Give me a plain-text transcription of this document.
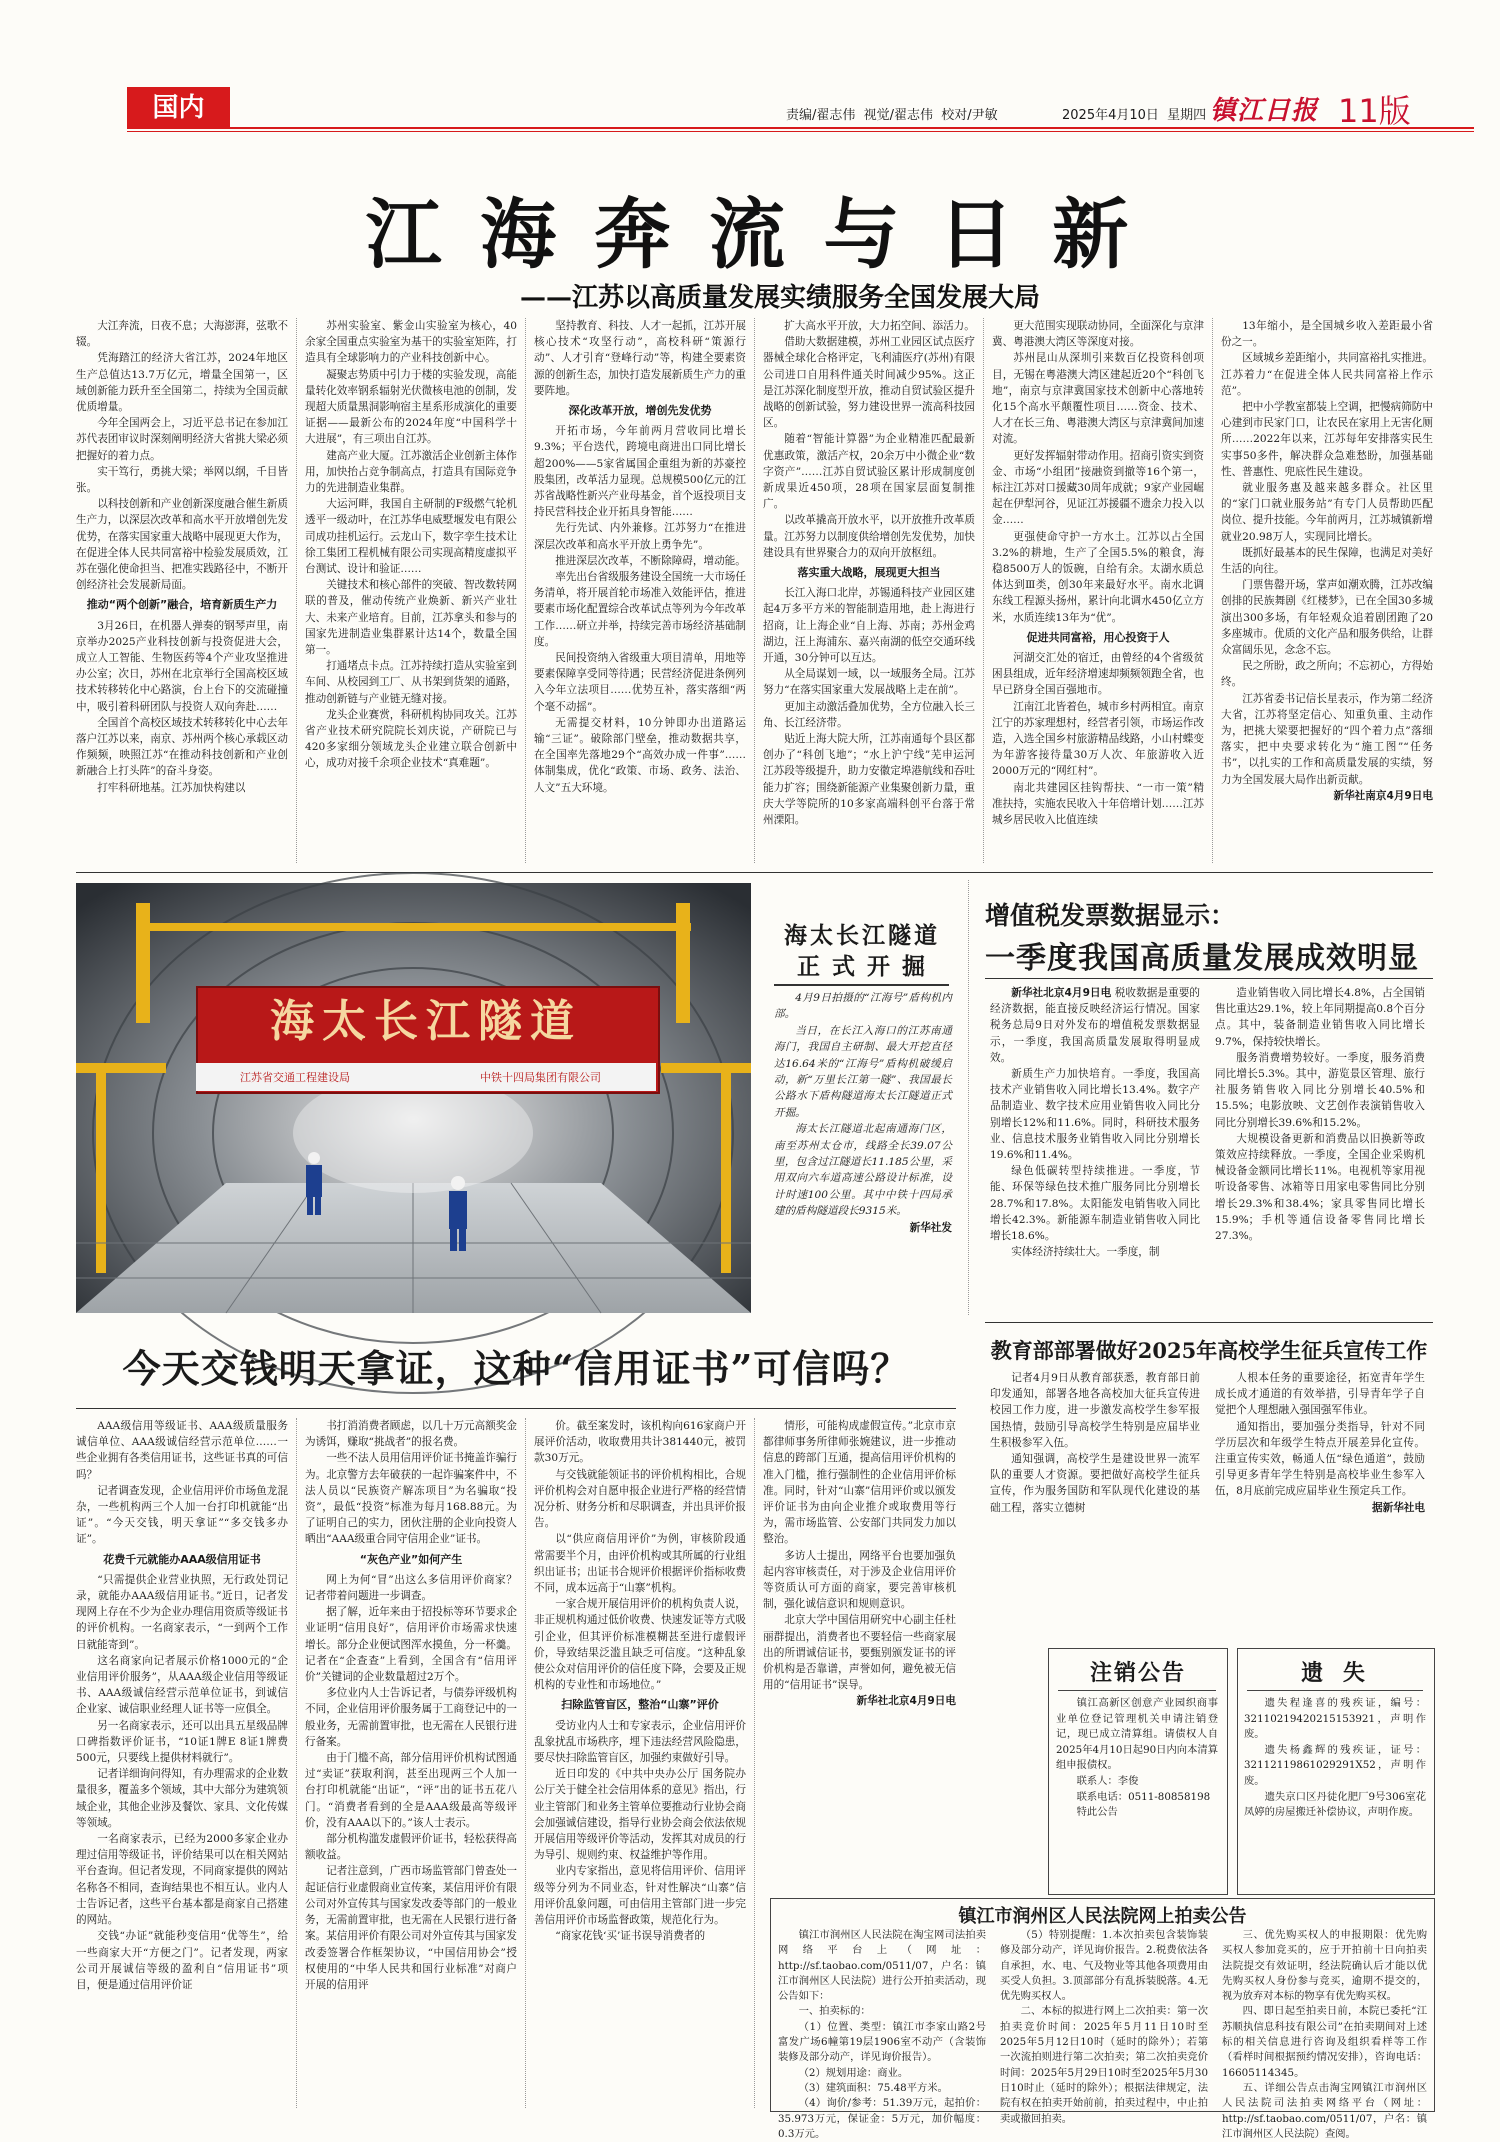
国内	责编/翟志伟  视觉/翟志伟  校对/尹敏	2025年4月10日  星期四 镇江日报 11版
江 海 奔 流 与 日 新
——江苏以高质量发展实绩服务全国发展大局

大江奔流，日夜不息；大海澎湃，弦歌不辍。

凭海踏江的经济大省江苏，2024年地区生产总值达13.7万亿元，增量全国第一，区域创新能力跃升至全国第二，持续为全国贡献优质增量。

今年全国两会上，习近平总书记在参加江苏代表团审议时深刻阐明经济大省挑大梁必须把握好的着力点。

实干笃行，勇挑大梁；举网以纲，千目皆张。

以科技创新和产业创新深度融合催生新质生产力，以深层次改革和高水平开放增创先发优势，在落实国家重大战略中展现更大作为，在促进全体人民共同富裕中检验发展质效，江苏在强化使命担当、把准实践路径中，不断开创经济社会发展新局面。

推动“两个创新”融合，培育新质生产力

3月26日，在机器人弹奏的钢琴声里，南京举办2025产业科技创新与投资促进大会，成立人工智能、生物医药等4个产业攻坚推进办公室；次日，苏州在北京举行全国高校区域技术转移转化中心路演，台上台下的交流碰撞中，吸引着科研团队与投资人双向奔赴……

全国首个高校区域技术转移转化中心去年落户江苏以来，南京、苏州两个核心承载区动作频频，映照江苏“在推动科技创新和产业创新融合上打头阵”的奋斗身姿。

打牢科研地基。江苏加快构建以

苏州实验室、紫金山实验室为核心，40余家全国重点实验室为基干的实验室矩阵，打造具有全球影响力的产业科技创新中心。

凝聚志势质中引力于楼的实验发现，高能量转化效率钢系辐射光伏微核电池的创制，发现超大质量黑洞影响宿主星系形成演化的重要证据——最新公布的2024年度“中国科学十大进展”，有三项出自江苏。

建高产业大厦。江苏激活企业创新主体作用，加快抬占竞争制高点，打造具有国际竞争力的先进制造业集群。

大运河畔，我国自主研制的F级燃气轮机透平一级动叶，在江苏华电威墅堰发电有限公司成功挂机运行。云龙山下，数字孪生技术让徐工集团工程机械有限公司实现高精度虚拟平台测试、设计和验证……

关键技术和核心部件的突破、智改数转网联的普及，催动传统产业焕新、新兴产业壮大、未来产业培育。目前，江苏拿头和参与的国家先进制造业集群累计达14个，数量全国第一。

打通堵点卡点。江苏持续打造从实验室到车间、从校园到工厂、从书架到货架的通路，推动创新链与产业链无缝对接。

龙头企业赛赏，科研机构协同攻关。江苏省产业技术研究院院长刘庆说，产研院已与420多家细分领域龙头企业建立联合创新中心，成功对接千余项企业技术“真难题”。

坚持教育、科技、人才一起抓，江苏开展核心技术“攻坚行动”，高校科研“策源行动”、人才引育“登峰行动”等，构建全要素资源的创新生态，加快打造发展新质生产力的重要阵地。

深化改革开放，增创先发优势

开拓市场，今年前两月营收同比增长9.3%；平台迭代，跨境电商进出口同比增长超200%——5家省属国企重组为新的苏豪控股集团，改革活力显现。总规模500亿元的江苏省战略性新兴产业母基金，首个返投项目支持民营科技企业开拓具身智能……

先行先试、内外兼修。江苏努力“在推进深层次改革和高水平开放上勇争先”。

推进深层次改革，不断除障碍，增动能。

率先出台省级服务建设全国统一大市场任务清单，将开展首轮市场准入效能评估，推进要素市场化配置综合改革试点等列为今年改革工作……研立并举，持续完善市场经济基础制度。

民间投资纳入省级重大项目清单，用地等要素保障享受同等待遇；民营经济促进条例列入今年立法项目……优势互补，落实落细“两个毫不动摇”。

无需提交材料，10分钟即办出道路运输“三证”。破除部门壁垒，推动数据共享，在全国率先落地29个“高效办成一件事”……体制集成，优化“政策、市场、政务、法治、人文”五大环境。

扩大高水平开放，大力拓空间、添活力。

借助大数据建模，苏州工业园区试点医疗器械全球化合格评定，飞利浦医疗(苏州)有限公司进口自用科件通关时间减少95%。这正是江苏深化制度型开放，推动自贸试验区提升战略的创新试验，努力建设世界一流高科技园区。

随着“智能计算器”为企业精准匹配最新优惠政策，激活产权，20余万中小微企业“数字资产”……江苏自贸试验区累计形成制度创新成果近450项，28项在国家层面复制推广。

以改革撬高开放水平，以开放推升改革质量。江苏努力以制度供给增创先发优势，加快建设具有世界聚合力的双向开放枢纽。

落实重大战略，展现更大担当

长江入海口北岸，苏锡通科技产业园区建起4万多平方米的智能制造用地，赴上海进行招商，让上海企业“自上海、苏南；苏州金鸡湖边，汪上海浦东、嘉兴南湖的低空交通环线开通，30分钟可以互达。

从全局谋划一域，以一域服务全局。江苏努力“在落实国家重大发展战略上走在前”。

更加主动激活叠加优势，全方位融入长三角、长江经济带。

贴近上海大院大所，江苏南通每个县区都创办了“科创飞地”；“水上沪宁线”芜申运河江苏段等级提升，助力安徽定埠港航线和吞吐能力扩容；围绕新能源产业集聚创新力量，重庆大学等院所的10多家高端科创平台落于常州溧阳。

更大范围实现联动协同，全面深化与京津冀、粤港澳大湾区等深度对接。

苏州昆山从深圳引来数百亿投资科创项目，无锡在粤港澳大湾区建起近20个“科创飞地”，南京与京津冀国家技术创新中心落地转化15个高水平颠覆性项目……资金、技术、人才在长三角、粤港澳大湾区与京津冀间加速对流。

更好发挥辐射带动作用。招商引资实到资金、市场“小组团”接融资到撤等16个第一，标注江苏对口援藏30周年成就；9家产业园崛起在伊犁河谷，见证江苏援疆不遗余力投入以金……

更强使命守护一方水土。江苏以占全国3.2%的耕地，生产了全国5.5%的粮食，海稳8500万人的饭碗，自给有余。太湖水质总体达到Ⅲ类，创30年来最好水平。南水北调东线工程源头扬州，累计向北调水450亿立方米，水质连续13年为“优”。

促进共同富裕，用心投资于人

河湖交汇处的宿迁，由曾经的4个省级贫困县组成，近年经济增速却频频领跑全省，也早已跻身全国百强地市。

江南江北皆着色，城市乡村两相宜。南京江宁的苏家理想村，经营者引领，市场运作改造，入选全国乡村旅游精品线路，小山村蝶变为年游客接待量30万人次、年旅游收入近2000万元的“网红村”。

南北共建园区挂钩帮扶、“一市一策”精准扶持，实施农民收入十年倍增计划……江苏城乡居民收入比值连续

13年缩小，是全国城乡收入差距最小省份之一。

区域城乡差距缩小，共同富裕扎实推进。江苏着力“在促进全体人民共同富裕上作示范”。

把中小学教室都装上空调，把慢病筛防中心建到市民家门口，让农民在家用上无害化厕所……2022年以来，江苏每年安排落实民生实事50多件，解决群众急难愁盼，加强基础性、普惠性、兜底性民生建设。

就业服务惠及越来越多群众。社区里的“家门口就业服务站”有专门人员帮助匹配岗位、提升技能。今年前两月，江苏城镇新增就业20.98万人，实现同比增长。

既抓好最基本的民生保障，也满足对美好生活的向往。

门票售罄开场，掌声如潮欢腾，江苏改编创排的民族舞剧《红楼梦》，已在全国30多城演出300多场，有年轻观众追着剧团跑了20多座城市。优质的文化产品和服务供给，让群众富阔乐见，念念不忘。

民之所盼，政之所向；不忘初心，方得始终。

江苏省委书记信长星表示，作为第二经济大省，江苏将坚定信心、知重负重、主动作为，把挑大梁要把握好的“四个着力点”落细落实，把中央要求转化为“施工图”“任务书”，以扎实的工作和高质量发展的实绩，努力为全国发展大局作出新贡献。

新华社南京4月9日电

海太长江隧道
江苏省交通工程建设局	中铁十四局集团有限公司
海太长江隧道
正 式 开 掘

4月9日拍摄的“江海号”盾构机内部。

当日，在长江入海口的江苏南通海门，我国自主研制、最大开挖直径达16.64米的“江海号”盾构机破缓启动，新“万里长江第一隧”、我国最长公路水下盾构隧道海太长江隧道正式开掘。

海太长江隧道北起南通海门区，南至苏州太仓市，线路全长39.07公里，包含过江隧道长11.185公里，采用双向六车道高速公路设计标准，设计时速100公里。其中中铁十四局承建的盾构隧道段长9315米。

新华社发

增值税发票数据显示：
一季度我国高质量发展成效明显

新华社北京4月9日电 税收数据是重要的经济数据，能直接反映经济运行情况。国家税务总局9日对外发布的增值税发票数据显示，一季度，我国高质量发展取得明显成效。

新质生产力加快培育。一季度，我国高技术产业销售收入同比增长13.4%。数字产品制造业、数字技术应用业销售收入同比分别增长12%和11.6%。同时，科研技术服务业、信息技术服务业销售收入同比分别增长19.6%和11.4%。

绿色低碳转型持续推进。一季度，节能、环保等绿色技术推广服务同比分别增长28.7%和17.8%。太阳能发电销售收入同比增长42.3%。新能源车制造业销售收入同比增长18.6%。

实体经济持续壮大。一季度，制

造业销售收入同比增长4.8%，占全国销售比重达29.1%，较上年同期提高0.8个百分点。其中，装备制造业销售收入同比增长9.7%，保持较快增长。

服务消费增势较好。一季度，服务消费同比增长5.3%。其中，游览景区管理、旅行社服务销售收入同比分别增长40.5%和15.5%；电影放映、文艺创作表演销售收入同比分别增长39.6%和15.2%。

大规模设备更新和消费品以旧换新等政策效应持续释放。一季度，全国企业采购机械设备金额同比增长11%。电视机等家用视听设备零售、冰箱等日用家电零售同比分别增长29.3%和38.4%；家具零售同比增长15.9%；手机等通信设备零售同比增长27.3%。

教育部部署做好2025年高校学生征兵宣传工作

记者4月9日从教育部获悉，教育部日前印发通知，部署各地各高校加大征兵宣传进校园工作力度，进一步激发高校学生参军报国热情，鼓励引导高校学生特别是应届毕业生积极参军入伍。

通知强调，高校学生是建设世界一流军队的重要人才资源。要把做好高校学生征兵宣传，作为服务国防和军队现代化建设的基础工程，落实立德树

人根本任务的重要途径，拓宽青年学生成长成才通道的有效举措，引导青年学子自觉把个人理想融入强国强军伟业。

通知指出，要加强分类指导，针对不同学历层次和年级学生特点开展差异化宣传。注重宣传实效，畅通人伍“绿色通道”，鼓励引导更多青年学生特别是高校毕业生参军入伍，8月底前完成应届毕业生预定兵工作。

据新华社电

今天交钱明天拿证，这种“信用证书”可信吗？

AAA级信用等级证书、AAA级质量服务诚信单位、AAA级诚信经营示范单位……一些企业拥有各类信用证书，这些证书真的可信吗？

记者调查发现，企业信用评价市场鱼龙混杂，一些机构两三个人加一台打印机就能“出证”。“今天交钱，明天拿证”“多交钱多办证”。

花费千元就能办AAA级信用证书

“只需提供企业营业执照，无行政处罚记录，就能办AAA级信用证书。”近日，记者发现网上存在不少为企业办理信用资质等级证书的评价机构。一名商家表示，“一到两个工作日就能寄到”。

这名商家向记者展示价格1000元的“企业信用评价服务”，从AAA级企业信用等级证书、AAA级诚信经营示范单位证书，到诚信企业家、诚信职业经理人证书等一应俱全。

另一名商家表示，还可以出具五星级品牌口碑指数评价证书，“10证1牌E 8证1牌费500元，只要线上提供材料就行”。

记者详细询问得知，有办理需求的企业数量很多，覆盖多个领域，其中大部分为建筑领域企业，其他企业涉及餐饮、家具、文化传媒等领域。

一名商家表示，已经为2000多家企业办理过信用等级证书，评价结果可以在相关网站平台查询。但记者发现，不同商家提供的网站名称各不相同，查询结果也不相互认。业内人士告诉记者，这些平台基本都是商家自己搭建的网站。

交钱“办证”就能秒变信用“优等生”，给一些商家大开“方便之门”。记者发现，两家公司开展诚信等级的盈利自“信用证书”项目，便是通过信用评价证

书打消消费者顾虑，以几十万元高额奖金为诱饵，赚取“挑战者”的报名费。

一些不法人员用信用评价证书掩盖诈骗行为。北京警方去年破获的一起诈骗案件中，不法人员以“民族资产解冻项目”为名骗取“投资”，最低“投资”标准为每月168.88元。为了证明自己的实力，团伙注册的企业向投资人晒出“AAA级重合同守信用企业”证书。

“灰色产业”如何产生

网上为何“冒”出这么多信用评价商家？记者带着问题进一步调查。

据了解，近年来由于招投标等环节要求企业证明“信用良好”，信用评价市场需求快速增长。部分企业便试图浑水摸鱼，分一杯羹。记者在“企查查”上看到，全国含有“信用评价”关键词的企业数量超过2万个。

多位业内人士告诉记者，与债券评级机构不同，企业信用评价服务属于工商登记中的一般业务，无需前置审批，也无需在人民银行进行备案。

由于门槛不高，部分信用评价机构试图通过“卖证”获取利润，甚至出现两三个人加一台打印机就能“出证”，“评”出的证书五花八门。“消费者看到的全是AAA级最高等级评价，没有AAA以下的。”该人士表示。

部分机构滥发虚假评价证书，轻松获得高额收益。

记者注意到，广西市场监管部门曾查处一起证信行业虚假商业宣传案，某信用评价有限公司对外宣传其与国家发改委等部门的一般业务，无需前置审批，也无需在人民银行进行备案。某信用评价有限公司对外宣传其与国家发改委签署合作框架协议，“中国信用协会”授权使用的“中华人民共和国行业标准”对商户开展的信用评

价。截至案发时，该机构向616家商户开展评价活动，收取费用共计381440元，被罚款30万元。

与交钱就能领证书的评价机构相比，合规评价机构会对自愿申报企业进行严格的经营情况分析、财务分析和尽职调查，并出具评价报告。

以“供应商信用评价”为例，审核阶段通常需要半个月，由评价机构或其所属的行业组织出证书；出证书合规评价根据评价指标收费不同，成本远高于“山寨”机构。

一家合规开展信用评价的机构负责人说，非正规机构通过低价收费、快速发证等方式吸引企业，但其评价标准模糊甚至进行虚假评价，导致结果泛滥且缺乏可信度。“这种乱象使公众对信用评价的信任度下降，会要及正规机构的专业性和市场地位。”

扫除监管盲区，整治“山寨”评价

受访业内人士和专家表示，企业信用评价乱象扰乱市场秩序，埋下违法经营风险隐患，要尽快扫除监管盲区，加强约束做好引导。

近日印发的《中共中央办公厅 国务院办公厅关于健全社会信用体系的意见》指出，行业主管部门和业务主管单位要推动行业协会商会加强诚信建设，指导行业协会商会依法依规开展信用等级评价等活动，发挥其对成员的行为导引、规则约束、权益维护等作用。

业内专家指出，意见将信用评价、信用评级等分列为不同业态，针对性解决“山寨”信用评价乱象问题，可由信用主管部门进一步完善信用评价市场监督政策，规范化行为。

“商家花钱‘买’证书误导消费者的

情形，可能构成虚假宣传。”北京市京都律师事务所律师张婉建议，进一步推动信息的跨部门互通，提高信用评价机构的准入门槛，推行强制性的企业信用评价标准。同时，针对“山寨”信用评价或以颁发评价证书为由向企业推介或取费用等行为，需市场监管、公安部门共同发力加以整治。

多访人士提出，网络平台也要加强负起内容审核责任，对于涉及企业信用评价等资质认可方面的商家，要完善审核机制，强化诚信意识和规则意识。

北京大学中国信用研究中心副主任杜丽群提出，消费者也不要轻信一些商家展出的所谓诚信证书，要甄别颁发证书的评价机构是否靠谱，声誉如何，避免被无信用的“信用证书”误导。

新华社北京4月9日电

注销公告

镇江高新区创意产业园织商事业单位登记管理机关申请注销登记，现已成立清算组。请债权人自2025年4月10日起90日内向本清算组申报债权。

联系人：李俊

联系电话：0511-80858198

特此公告

遗 失

遗失程逢喜的残疾证，编号：32110219420215153921，声明作废。

遗失杨鑫辉的残疾证，证号：32112119861029291X52，声明作废。

遗失京口区丹徒化肥厂9号306室花凤婷的房屋搬迁补偿协议，声明作废。

镇江市润州区人民法院网上拍卖公告

镇江市润州区人民法院在淘宝网司法拍卖网络平台上（网址：http://sf.taobao.com/0511/07，户名：镇江市润州区人民法院）进行公开拍卖活动，现公告如下：

一、拍卖标的：

（1）位置、类型：镇江市李家山路2号富发广场6幢第19层1906室不动产（含装饰装修及部分动产，详见询价报告）。

（2）规划用途：商业。

（3）建筑面积：75.48平方米。

（4）询价/参考：51.39万元，起拍价：35.973万元，保证金：5万元，加价幅度：0.3万元。

（5）特别提醒：1.本次拍卖包含装饰装修及部分动产，详见询价报告。2.税费依法各自承担，水、电、气及物业等其他各项费用由买受人负担。3.顶部部分有乱拆装脱落。4.无优先购买权人。

二、本标的拟进行网上二次拍卖：第一次拍卖竞价时间：2025年5月11日10时至2025年5月12日10时（延时的除外）；若第一次流拍则进行第二次拍卖；第二次拍卖竞价时间：2025年5月29日10时至2025年5月30日10时止（延时的除外）；根据法律规定，法院有权在拍卖开始前前，拍卖过程中，中止拍卖或撤回拍卖。

三、优先购买权人的申报期限：优先购买权人参加竞买的，应于开拍前十日向拍卖法院提交有效证明，经法院确认后才能以优先购买权人身份参与竞买，逾期不提交的，视为放弃对本标的物享有优先购买权。

四、即日起至拍卖日前，本院已委托“江苏顺执信息科技有限公司”在拍卖期间对上述标的相关信息进行咨询及组织看样等工作（看样时间根据预约情况安排），咨询电话：16605114345。

五、详细公告点击淘宝网镇江市润州区人民法院司法拍卖网络平台（网址：http://sf.taobao.com/0511/07，户名：镇江市润州区人民法院）查阅。
